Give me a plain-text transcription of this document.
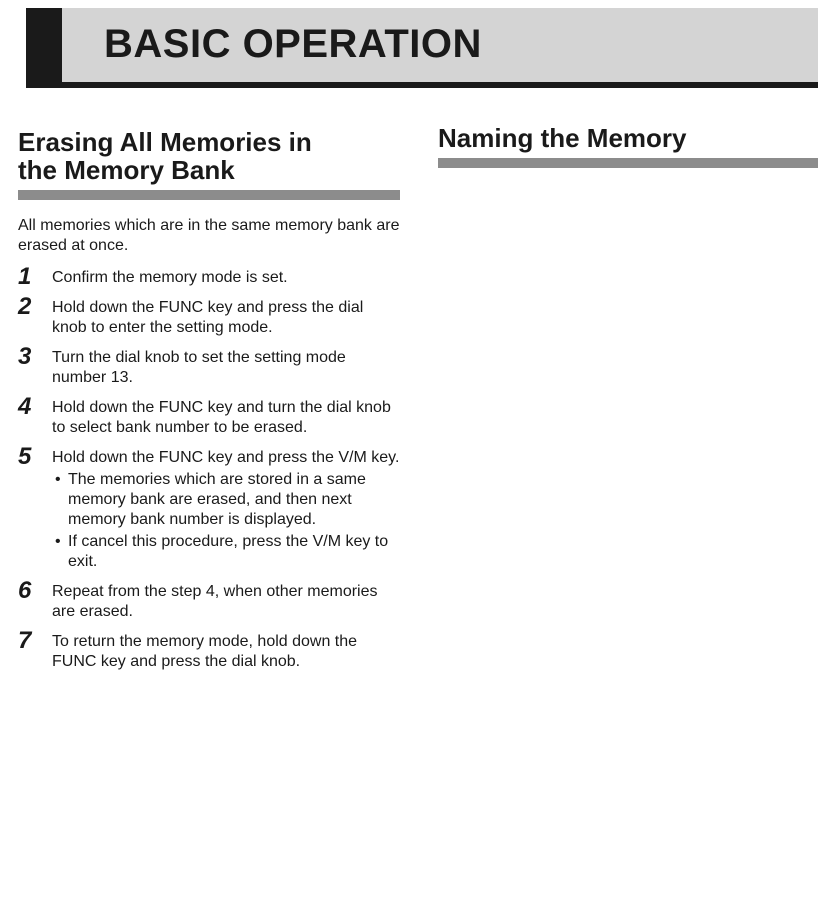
BASIC OPERATION
Erasing All Memories in
the Memory Bank

All memories which are in the same memory bank are erased at once.

1 Confirm the memory mode is set.
2 Hold down the FUNC key and press the dial knob to enter the setting mode.
3 Turn the dial knob to set the setting mode number 13.
4 Hold down the FUNC key and turn the dial knob to select bank number to be erased.
5 Hold down the FUNC key and press the V/M key.
• The memories which are stored in a same memory bank are erased, and then next memory bank number is displayed.
• If cancel this procedure, press the V/M key to exit.
6 Repeat from the step 4, when other memories are erased.
7 To return the memory mode, hold down the FUNC key and press the dial knob.
Naming the Memory
